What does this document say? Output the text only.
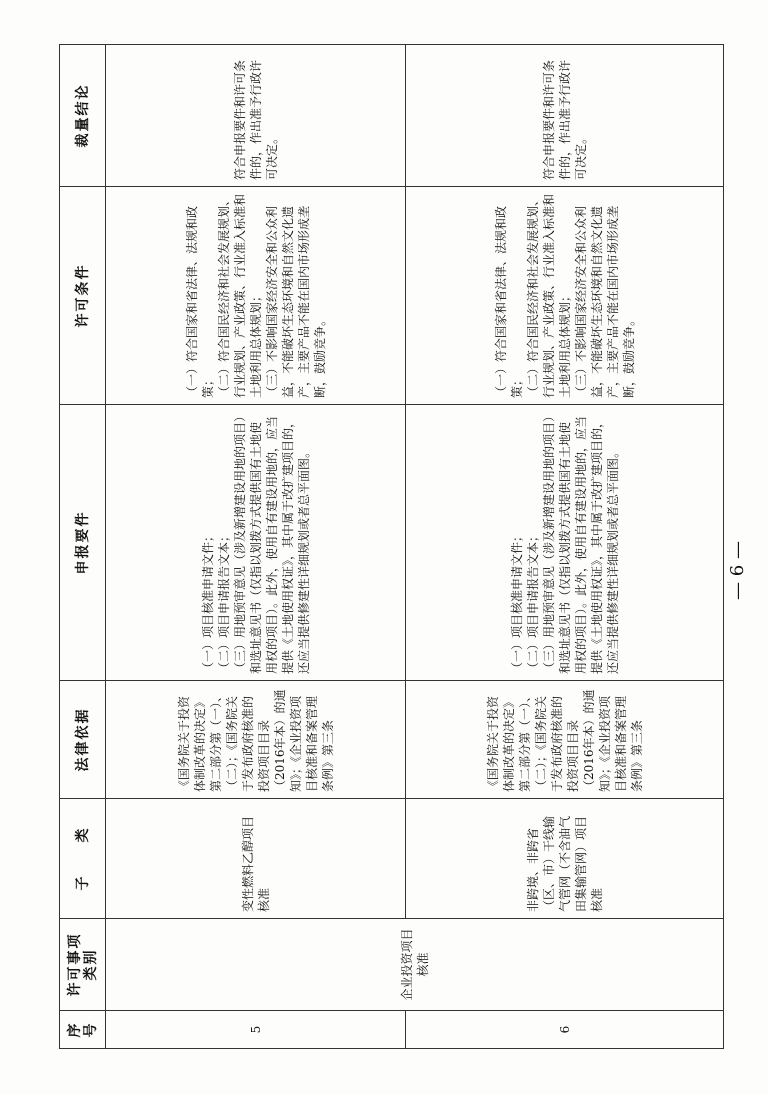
序号	许可事项类别	子　　类	法律依据	申报要件	许可条件	裁量结论
5	企业投资项目核准	变性燃料乙醇项目核准	《国务院关于投资体制改革的决定》第二部分第（一）、（二）；《国务院关于发布政府核准的投资项目目录（2016年本）的通知》；《企业投资项目核准和备案管理条例》第三条	（一）项目核准申请文件；
（二）项目申请报告文本；
（三）用地预审意见（涉及新增建设用地的项目）和选址意见书（仅指以划拨方式提供国有土地使用权的项目）。此外，使用自有建设用地的，应当提供《土地使用权证》，其中属于改扩建项目的，还应当提供修建性详细规划或者总平面图。	（一）符合国家和省法律、法规和政策；
（二）符合国民经济和社会发展规划、行业规划、产业政策、行业准入标准和土地利用总体规划；
（三）不影响国家经济安全和公众利益，不能破坏生态环境和自然文化遗产，主要产品不能在国内市场形成垄断，鼓励竞争。	符合申报要件和许可条件的，作出准予行政许可决定。
6		非跨境、非跨省（区、市）干线输气管网（不含油气田集输管网）项目核准	《国务院关于投资体制改革的决定》第二部分第（一）、（二）；《国务院关于发布政府核准的投资项目目录（2016年本）的通知》；《企业投资项目核准和备案管理条例》第三条	（一）项目核准申请文件；
（二）项目申请报告文本；
（三）用地预审意见（涉及新增建设用地的项目）和选址意见书（仅指以划拨方式提供国有土地使用权的项目）。此外，使用自有建设用地的，应当提供《土地使用权证》，其中属于改扩建项目的，还应当提供修建性详细规划或者总平面图。	（一）符合国家和省法律、法规和政策；
（二）符合国民经济和社会发展规划、行业规划、产业政策、行业准入标准和土地利用总体规划；
（三）不影响国家经济安全和公众利益，不能破坏生态环境和自然文化遗产，主要产品不能在国内市场形成垄断，鼓励竞争。	符合申报要件和许可条件的，作出准予行政许可决定。
— 6 —
